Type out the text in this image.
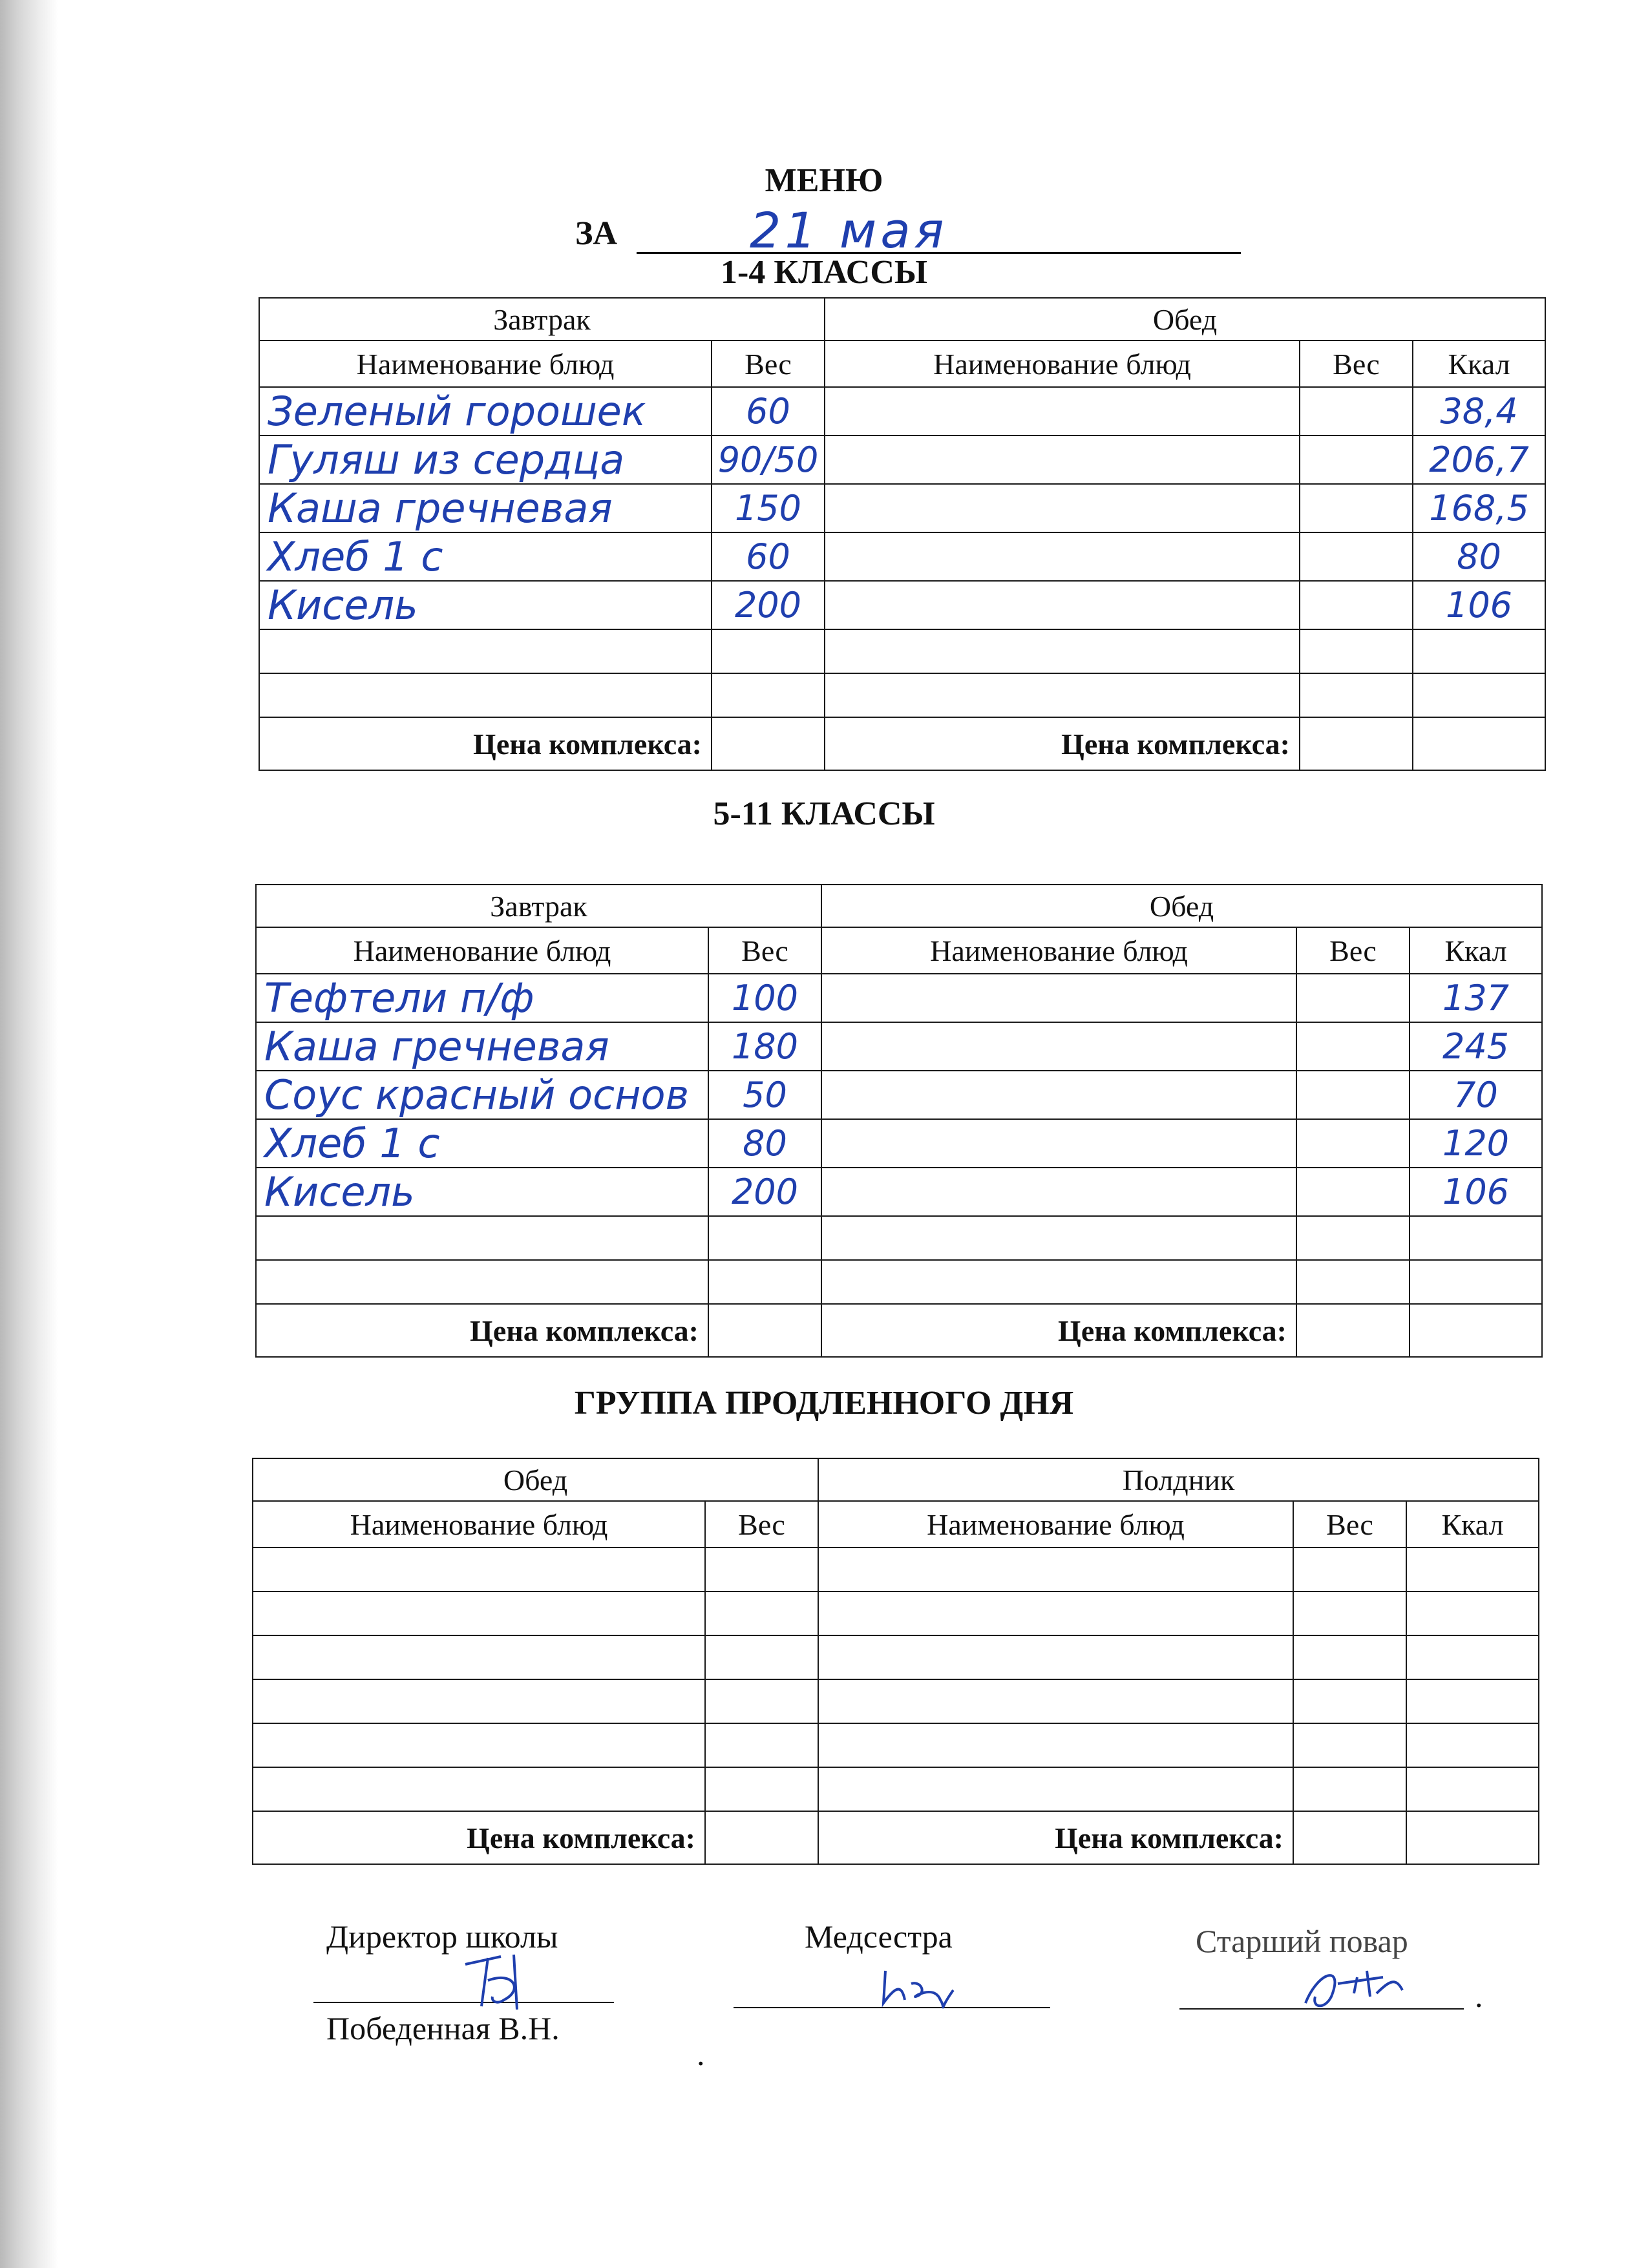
МЕНЮ
ЗА	21 мая
1-4 КЛАССЫ
5-11 КЛАССЫ
ГРУППА ПРОДЛЕННОГО ДНЯ
Завтрак		Обед		
Наименование блюд	Вес	Наименование блюд	Вес	Ккал
Зеленый горошек	60			38,4
Гуляш из сердца	90/50			206,7
Каша гречневая	150			168,5
Хлеб 1 с	60			80
Кисель	200			106

Цена комплекса:		Цена комплекса:		
Завтрак		Обед		
Наименование блюд	Вес	Наименование блюд	Вес	Ккал
Тефтели п/ф	100			137
Каша гречневая	180			245
Соус красный основ	50			70
Хлеб 1 с	80			120
Кисель	200			106

Цена комплекса:		Цена комплекса:		
Обед		Полдник		
Наименование блюд	Вес	Наименование блюд	Вес	Ккал

Цена комплекса:		Цена комплекса:		
Директор школы
Победенная В.Н.
.
Медсестра	Старший повар
.
